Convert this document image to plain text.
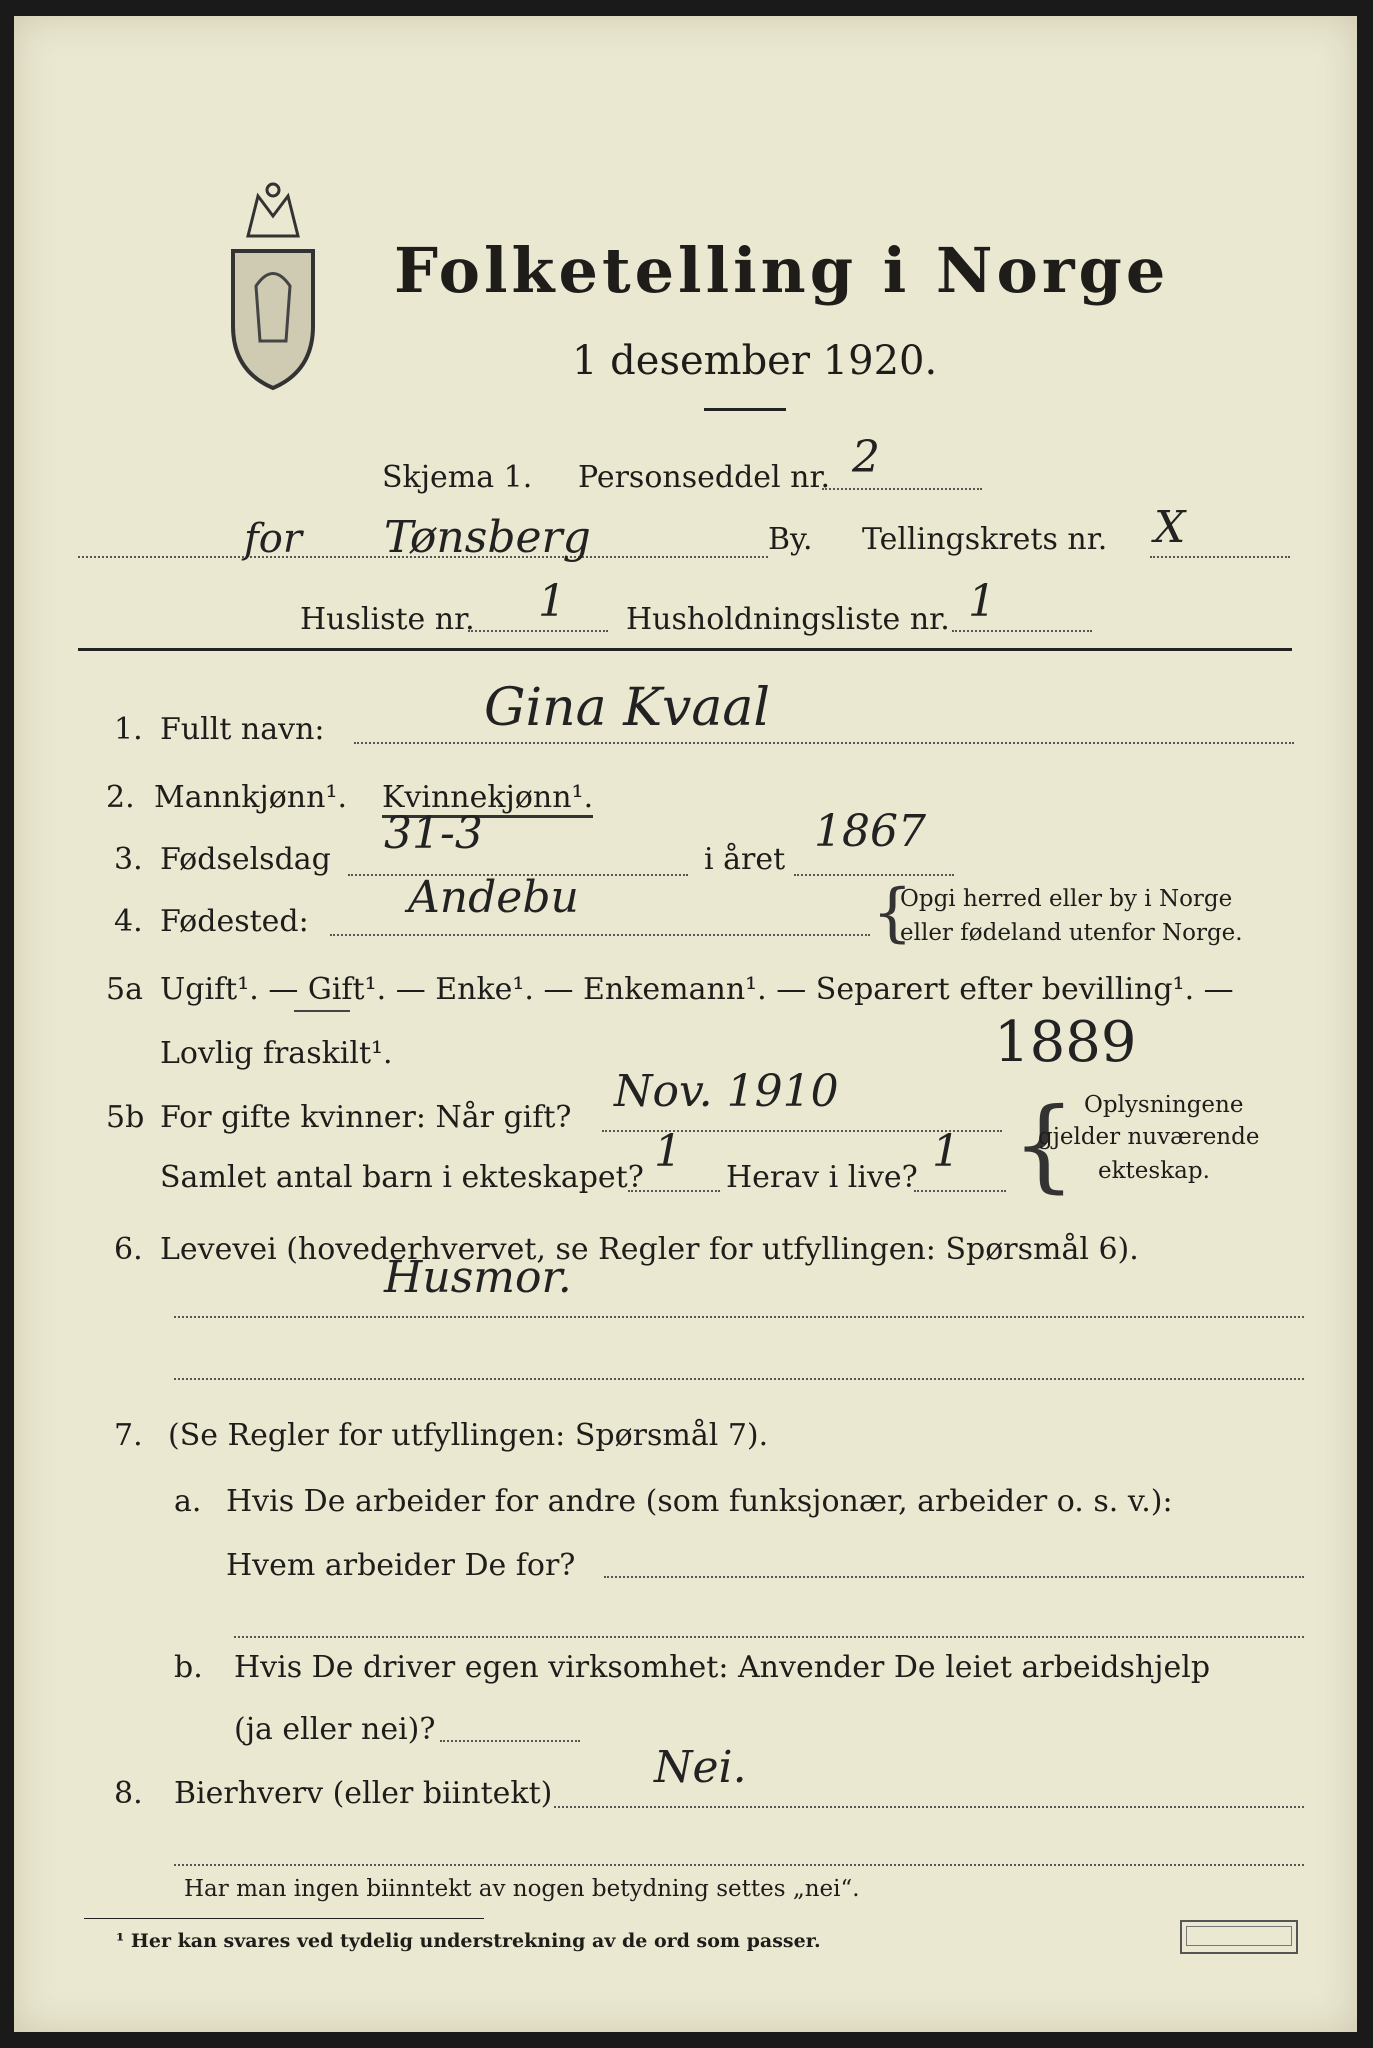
Folketelling i Norge
1 desember 1920.
Skjema 1. Personseddel nr. 2
for Tønsberg	By. Tellingskrets nr. X
Husliste nr. 1 Husholdningsliste nr. 1
1. Fullt navn:	Gina Kvaal
2. Mannkjønn¹. Kvinnekjønn¹.
3. Fødselsdag
31-3
i året
1867
4. Fødested: Andebu	{
Opgi herred eller by i Norge
eller fødeland utenfor Norge.
5a Ugift¹. — Gift¹. — Enke¹. — Enkemann¹. — Separert efter bevilling¹. —
Lovlig fraskilt¹.	1889
5b For gifte kvinner: Når gift?
Nov. 1910
Samlet antal barn i ekteskapet?
1
Herav i live?
1 { Oplysningene
gjelder nuværende
ekteskap.
6. Levevei (hovederhvervet, se Regler for utfyllingen: Spørsmål 6).
Husmor.
7. (Se Regler for utfyllingen: Spørsmål 7).
a. Hvis De arbeider for andre (som funksjonær, arbeider o. s. v.):
Hvem arbeider De for?
b. Hvis De driver egen virksomhet: Anvender De leiet arbeidshjelp
(ja eller nei)?
8. Bierhverv (eller biintekt)
Nei.
Har man ingen biinntekt av nogen betydning settes „nei“.
¹ Her kan svares ved tydelig understrekning av de ord som passer.
